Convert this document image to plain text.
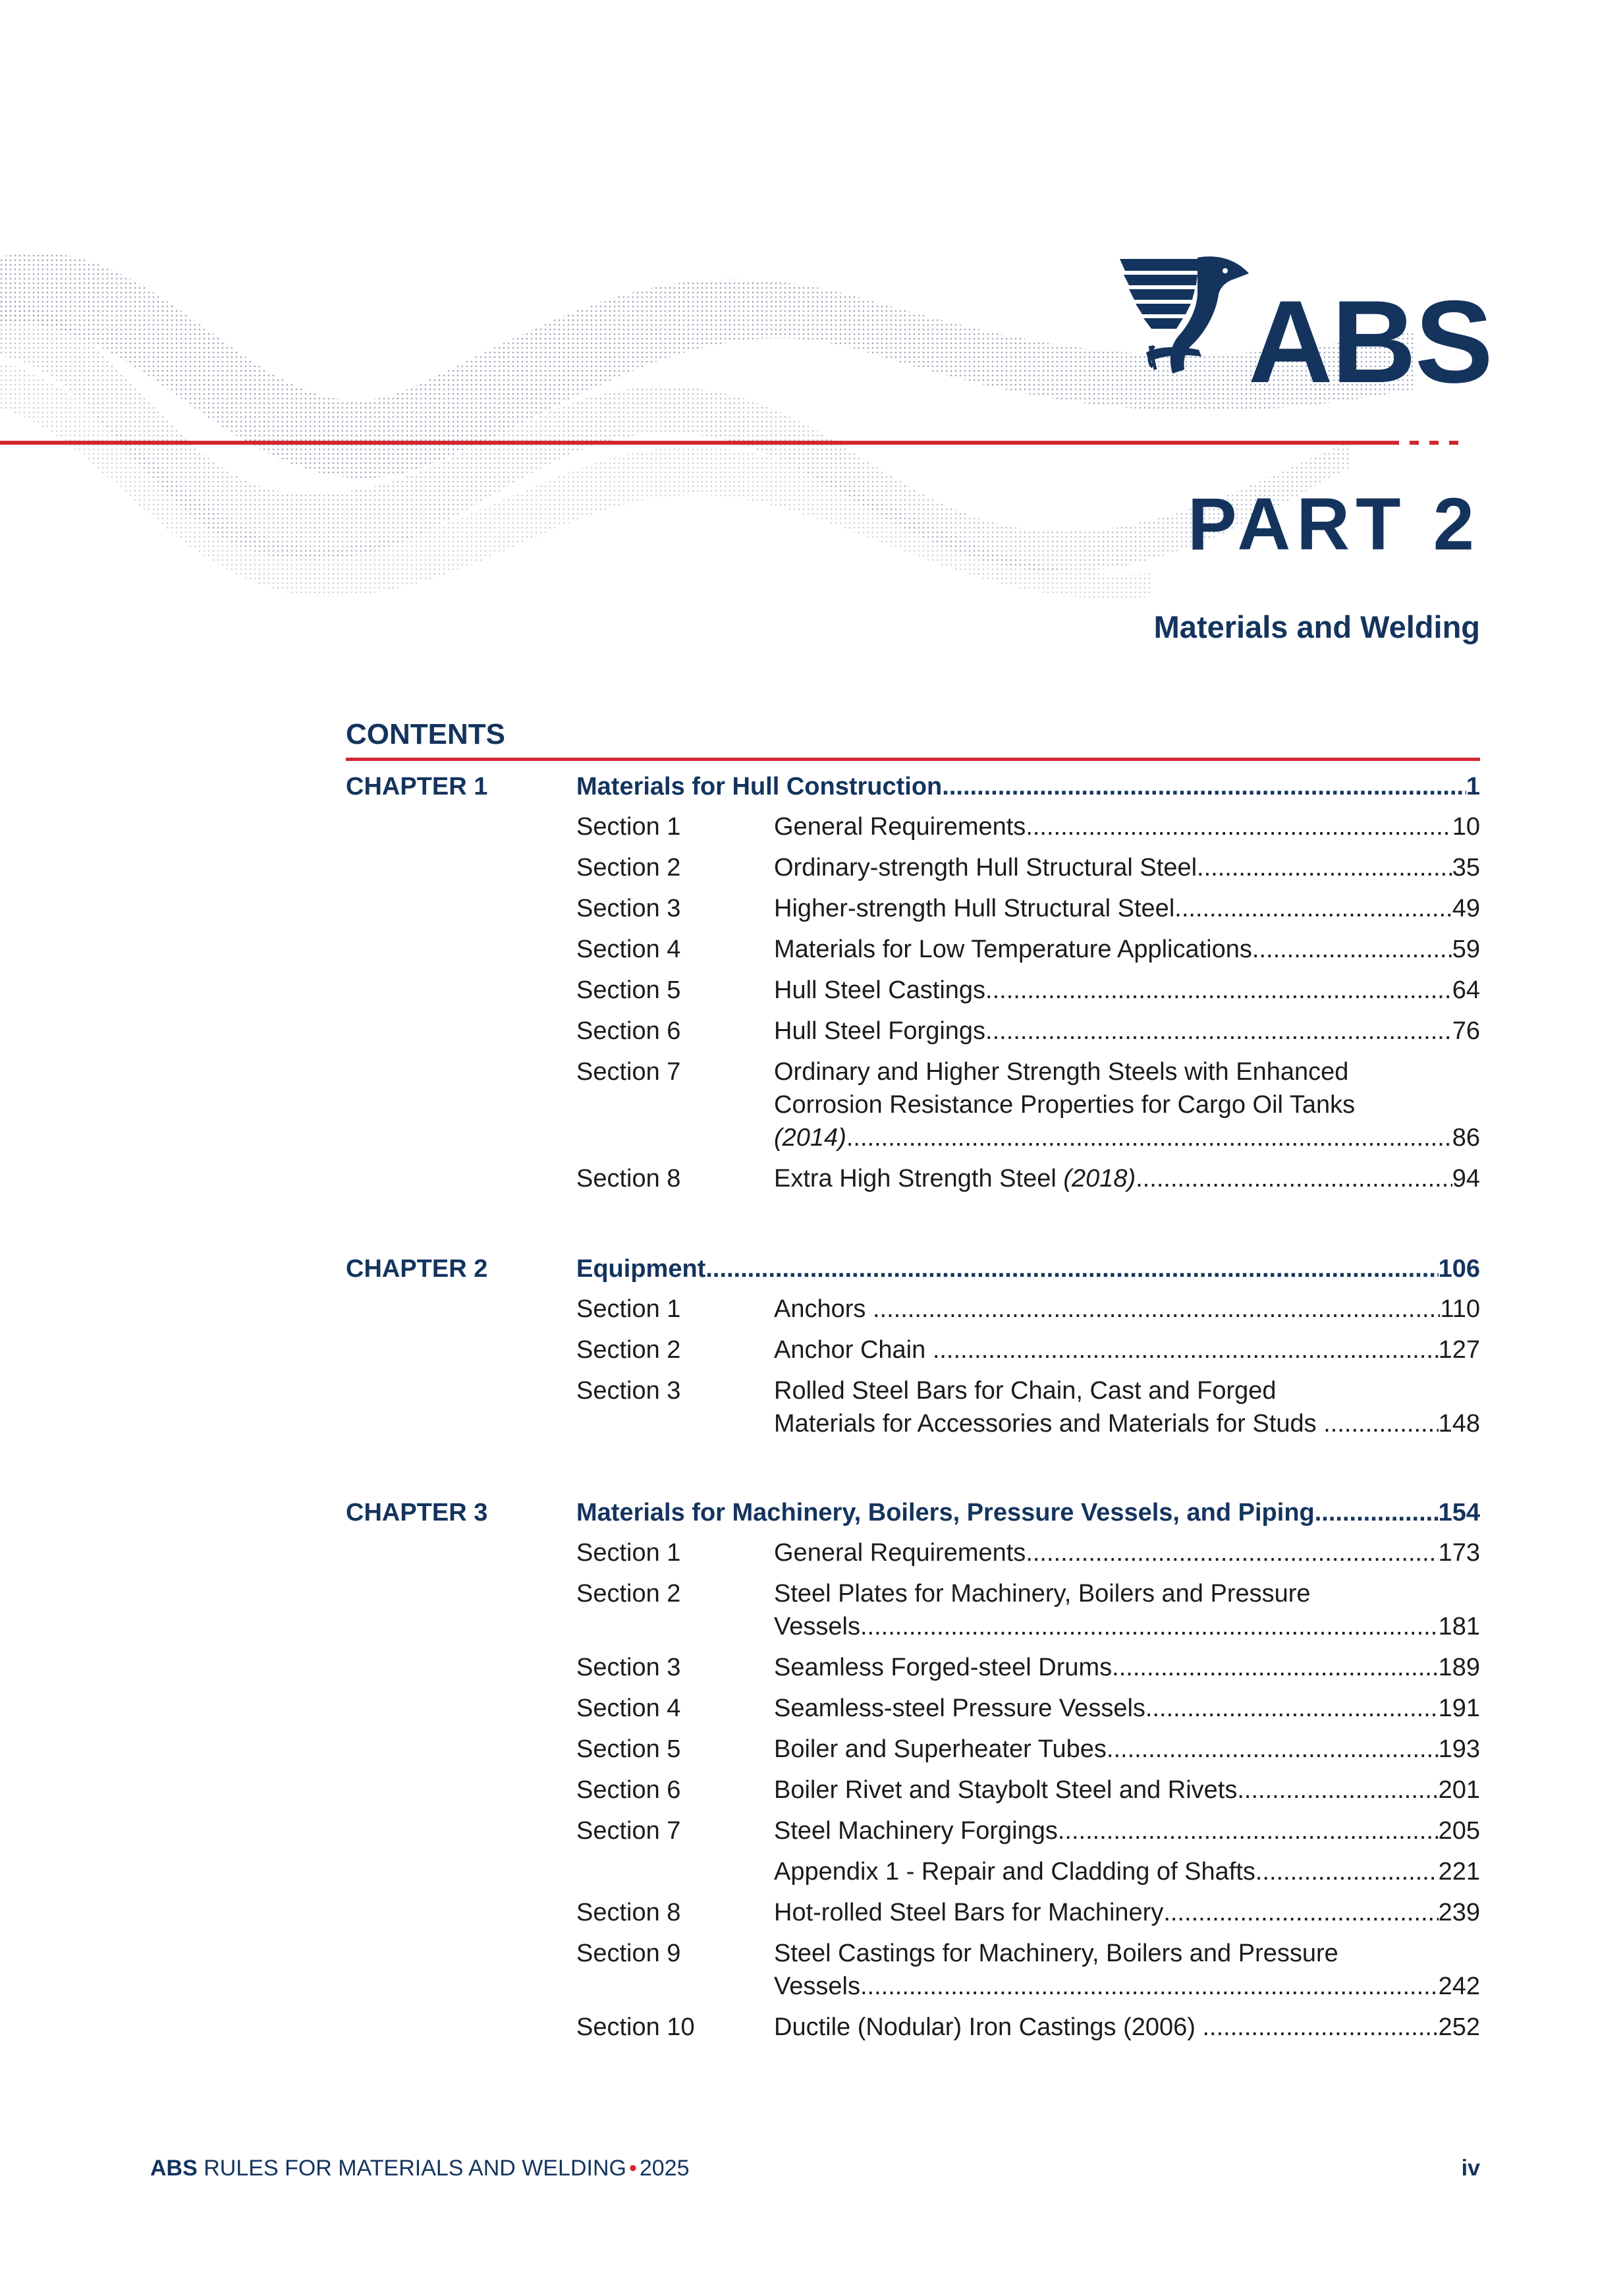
ABS
PART 2
Materials and Welding
CONTENTS
CHAPTER 1	Materials for Hull Construction .....	1
Section 1	General Requirements .....	10
Section 2	Ordinary-strength Hull Structural Steel .....	35
Section 3	Higher-strength Hull Structural Steel .....	49
Section 4	Materials for Low Temperature Applications .....	59
Section 5	Hull Steel Castings .....	64
Section 6	Hull Steel Forgings .....	76
Section 7	Ordinary and Higher Strength Steels with Enhanced
Corrosion Resistance Properties for Cargo Oil Tanks
(2014) .....	86
Section 8	Extra High Strength Steel (2018) .....	94
CHAPTER 2	Equipment .....	106
Section 1	Anchors .....	110
Section 2	Anchor Chain .....	127
Section 3	Rolled Steel Bars for Chain, Cast and Forged
Materials for Accessories and Materials for Studs .....	148
CHAPTER 3	Materials for Machinery, Boilers, Pressure Vessels, and Piping .....	154
Section 1	General Requirements .....	173
Section 2	Steel Plates for Machinery, Boilers and Pressure
Vessels .....	181
Section 3	Seamless Forged-steel Drums .....	189
Section 4	Seamless-steel Pressure Vessels .....	191
Section 5	Boiler and Superheater Tubes .....	193
Section 6	Boiler Rivet and Staybolt Steel and Rivets .....	201
Section 7	Steel Machinery Forgings .....	205
Appendix 1 - Repair and Cladding of Shafts .....	221
Section 8	Hot-rolled Steel Bars for Machinery .....	239
Section 9	Steel Castings for Machinery, Boilers and Pressure
Vessels .....	242
Section 10	Ductile (Nodular) Iron Castings (2006) .....	252
ABS RULES FOR MATERIALS AND WELDING • 2025	iv
